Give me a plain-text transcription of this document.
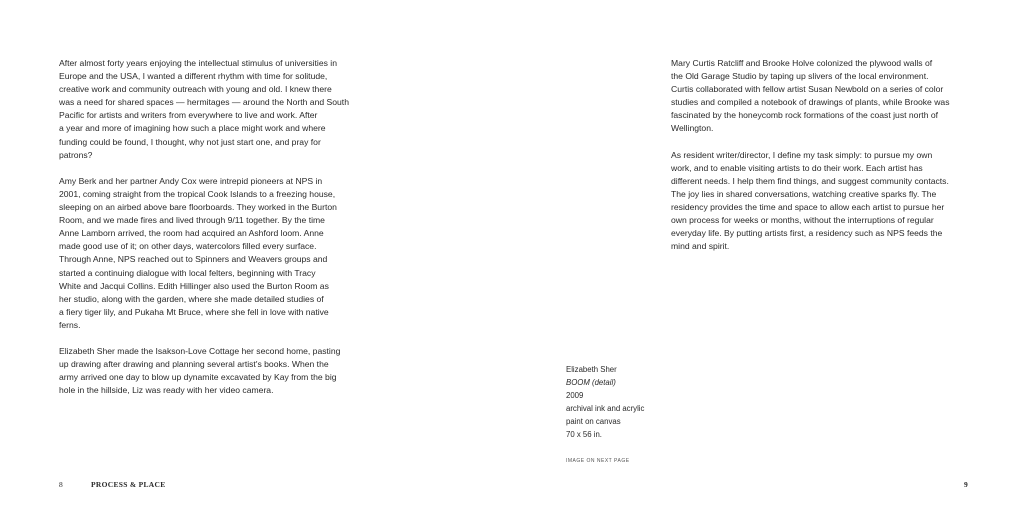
After almost forty years enjoying the intellectual stimulus of universities in
Europe and the USA, I wanted a different rhythm with time for solitude,
creative work and community outreach with young and old. I knew there
was a need for shared spaces — hermitages — around the North and South
Pacific for artists and writers from everywhere to live and work. After
a year and more of imagining how such a place might work and where
funding could be found, I thought, why not just start one, and pray for
patrons?

Amy Berk and her partner Andy Cox were intrepid pioneers at NPS in
2001, coming straight from the tropical Cook Islands to a freezing house,
sleeping on an airbed above bare floorboards. They worked in the Burton
Room, and we made fires and lived through 9/11 together. By the time
Anne Lamborn arrived, the room had acquired an Ashford loom. Anne
made good use of it; on other days, watercolors filled every surface.
Through Anne, NPS reached out to Spinners and Weavers groups and
started a continuing dialogue with local felters, beginning with Tracy
White and Jacqui Collins. Edith Hillinger also used the Burton Room as
her studio, along with the garden, where she made detailed studies of
a fiery tiger lily, and Pukaha Mt Bruce, where she fell in love with native
ferns.

Elizabeth Sher made the Isakson-Love Cottage her second home, pasting
up drawing after drawing and planning several artist's books. When the
army arrived one day to blow up dynamite excavated by Kay from the big
hole in the hillside, Liz was ready with her video camera.

Mary Curtis Ratcliff and Brooke Holve colonized the plywood walls of
the Old Garage Studio by taping up slivers of the local environment.
Curtis collaborated with fellow artist Susan Newbold on a series of color
studies and compiled a notebook of drawings of plants, while Brooke was
fascinated by the honeycomb rock formations of the coast just north of
Wellington.

As resident writer/director, I define my task simply: to pursue my own
work, and to enable visiting artists to do their work. Each artist has
different needs. I help them find things, and suggest community contacts.
The joy lies in shared conversations, watching creative sparks fly. The
residency provides the time and space to allow each artist to pursue her
own process for weeks or months, without the interruptions of regular
everyday life. By putting artists first, a residency such as NPS feeds the
mind and spirit.

Elizabeth Sher
BOOM (detail)
2009
archival ink and acrylic
paint on canvas
70 x 56 in.
IMAGE ON NEXT PAGE
8	PROCESS & PLACE	9
